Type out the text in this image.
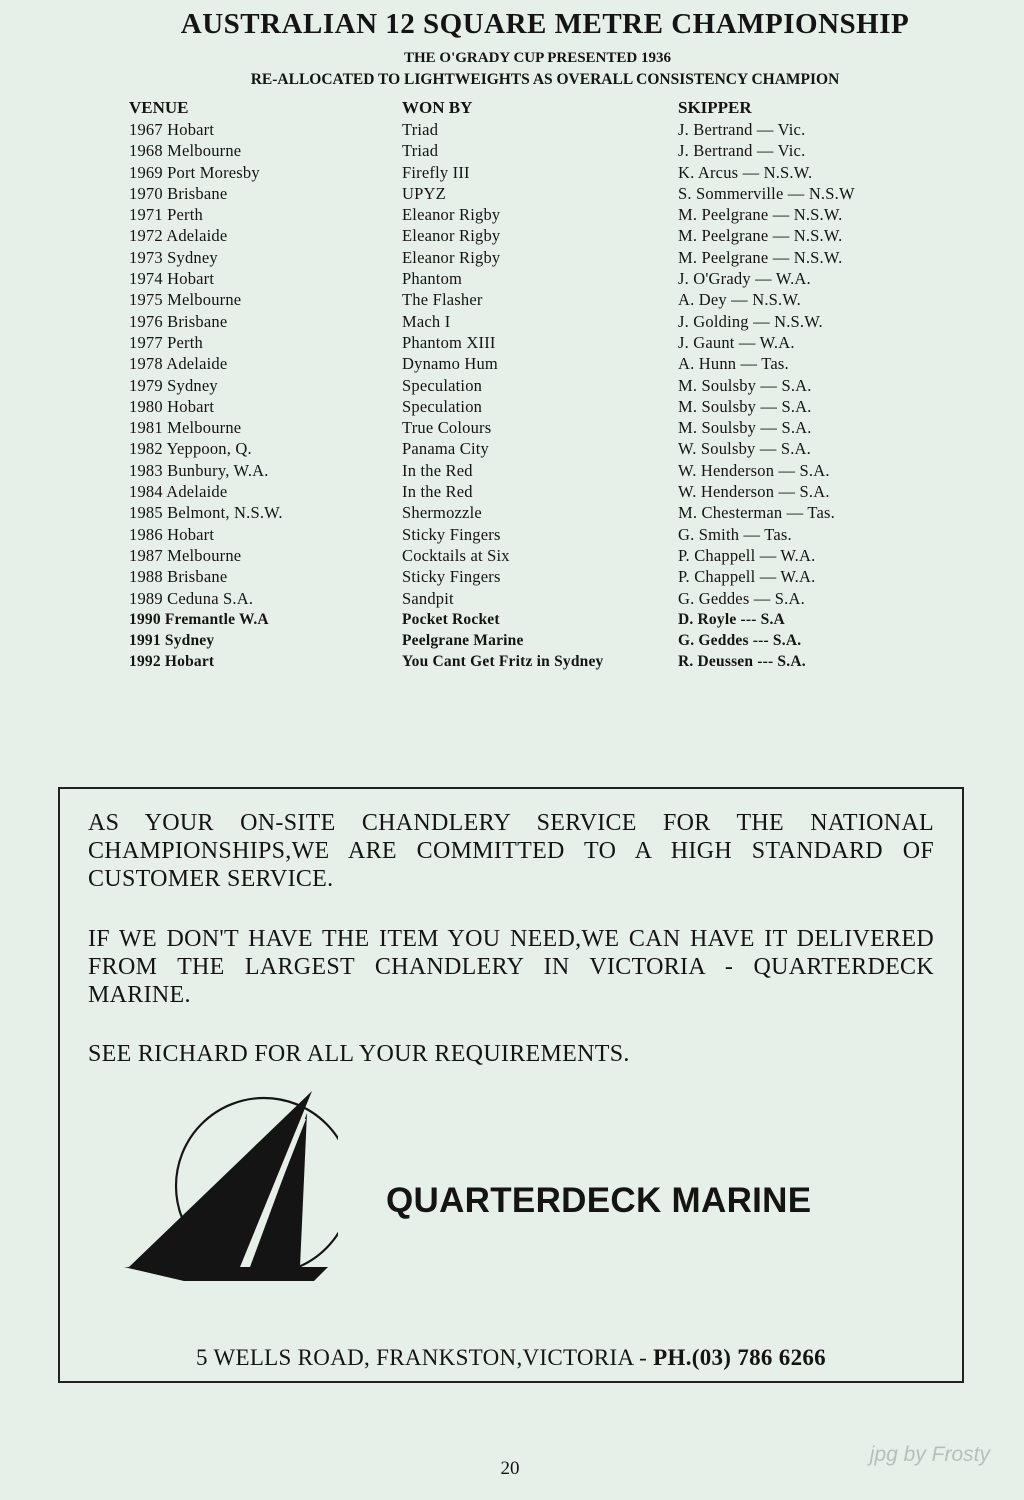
AUSTRALIAN 12 SQUARE METRE CHAMPIONSHIP
THE O'GRADY CUP PRESENTED 1936
RE-ALLOCATED TO LIGHTWEIGHTS AS OVERALL CONSISTENCY CHAMPION
VENUE
1967 Hobart
1968 Melbourne
1969 Port Moresby
1970 Brisbane
1971 Perth
1972 Adelaide
1973 Sydney
1974 Hobart
1975 Melbourne
1976 Brisbane
1977 Perth
1978 Adelaide
1979 Sydney
1980 Hobart
1981 Melbourne
1982 Yeppoon, Q.
1983 Bunbury, W.A.
1984 Adelaide
1985 Belmont, N.S.W.
1986 Hobart
1987 Melbourne
1988 Brisbane
1989 Ceduna S.A.
1990 Fremantle W.A
1991 Sydney
1992 Hobart
WON BY
Triad
Triad
Firefly III
UPYZ
Eleanor Rigby
Eleanor Rigby
Eleanor Rigby
Phantom
The Flasher
Mach I
Phantom XIII
Dynamo Hum
Speculation
Speculation
True Colours
Panama City
In the Red
In the Red
Shermozzle
Sticky Fingers
Cocktails at Six
Sticky Fingers
Sandpit
Pocket Rocket
Peelgrane Marine
You Cant Get Fritz in Sydney
SKIPPER
J. Bertrand — Vic.
J. Bertrand — Vic.
K. Arcus — N.S.W.
S. Sommerville — N.S.W
M. Peelgrane — N.S.W.
M. Peelgrane — N.S.W.
M. Peelgrane — N.S.W.
J. O'Grady — W.A.
A. Dey — N.S.W.
J. Golding — N.S.W.
J. Gaunt — W.A.
A. Hunn — Tas.
M. Soulsby — S.A.
M. Soulsby — S.A.
M. Soulsby — S.A.
W. Soulsby — S.A.
W. Henderson — S.A.
W. Henderson — S.A.
M. Chesterman — Tas.
G. Smith — Tas.
P. Chappell — W.A.
P. Chappell — W.A.
G. Geddes — S.A.
D. Royle --- S.A
G. Geddes --- S.A.
R. Deussen --- S.A.
AS YOUR ON-SITE CHANDLERY SERVICE FOR THE NATIONAL CHAMPIONSHIPS,WE ARE COMMITTED TO A HIGH STANDARD OF CUSTOMER SERVICE.
IF WE DON'T HAVE THE ITEM YOU NEED,WE CAN HAVE IT DELIVERED FROM THE LARGEST CHANDLERY IN VICTORIA - QUARTERDECK MARINE.
SEE RICHARD FOR ALL YOUR REQUIREMENTS.
QUARTERDECK MARINE
5 WELLS ROAD, FRANKSTON,VICTORIA - PH.(03) 786 6266
20
jpg by Frosty
